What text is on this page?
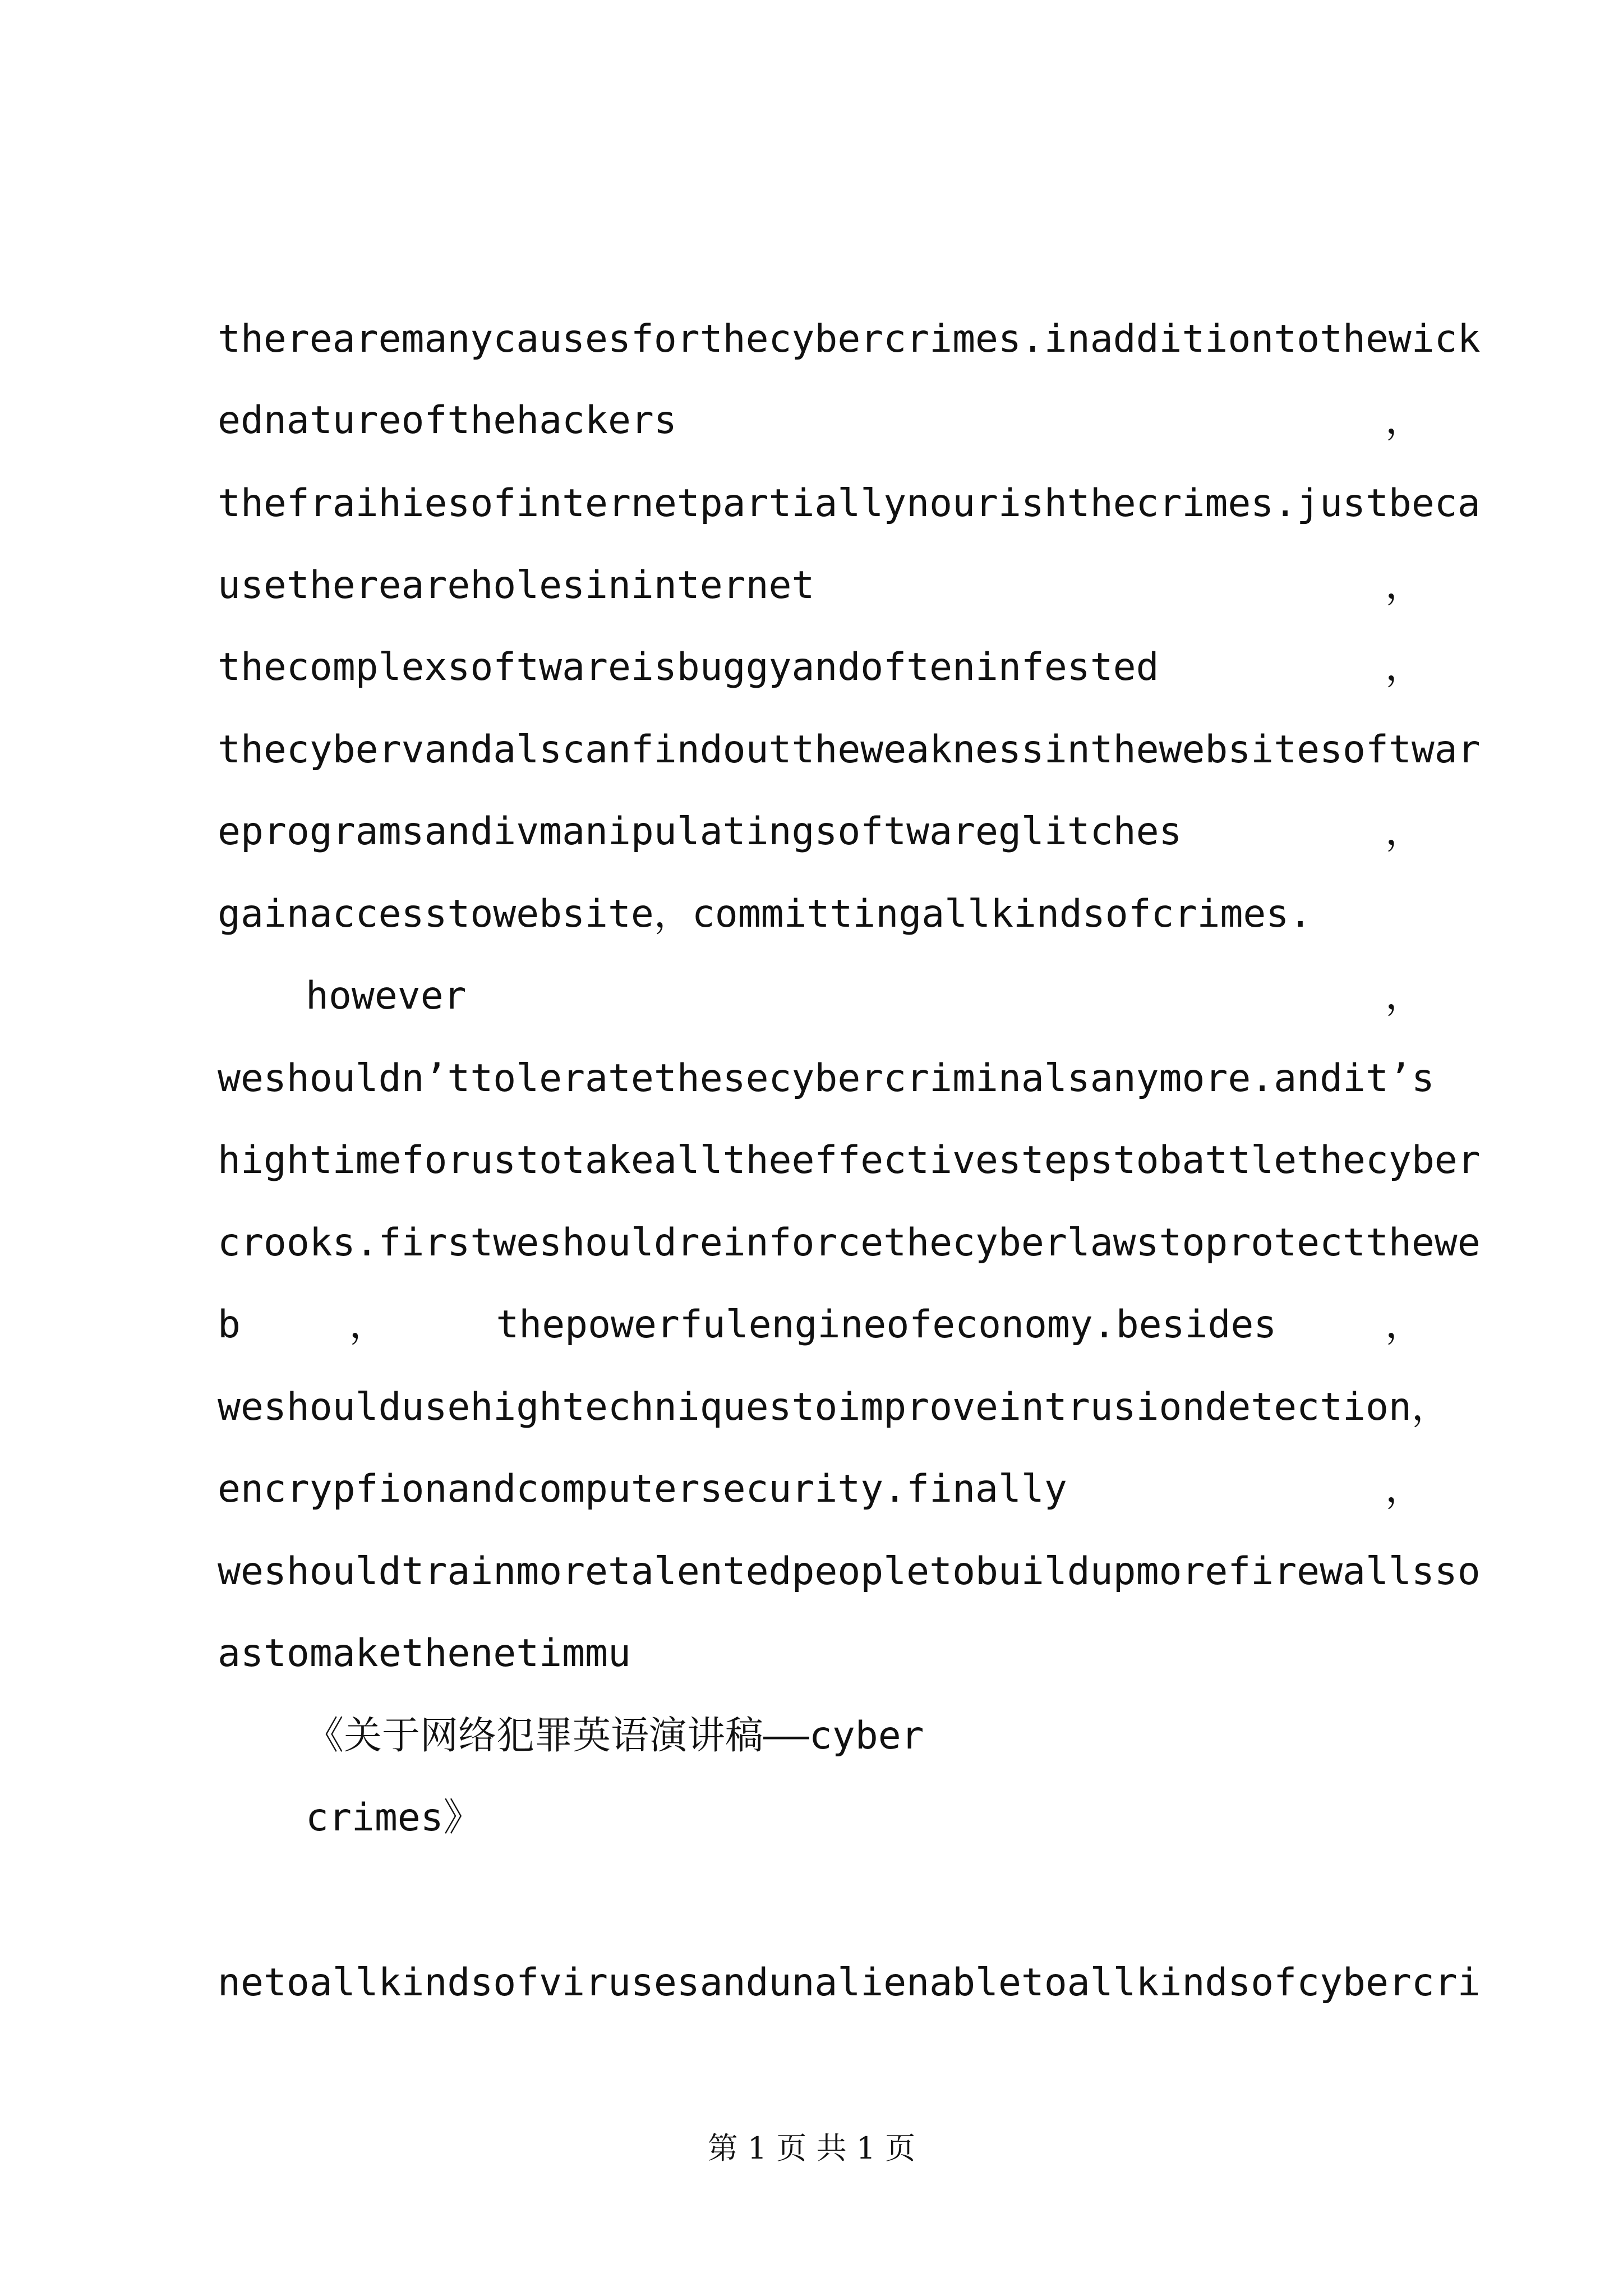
therearemanycausesforthecybercrimes.inadditiontothewick
ednatureofthehackers	，
thefraihiesofinternetpartiallynourishthecrimes.justbeca
usethereareholesininternet	，
thecomplexsoftwareisbuggyandofteninfested	，
thecybervandalscanfindouttheweaknessinthewebsitesoftwar
eprogramsandivmanipulatingsoftwareglitches	，
gainaccesstowebsite，committingallkindsofcrimes.
however	，
weshouldn’ttoleratethesecybercriminalsanymore.andit’s
hightimeforustotakealltheeffectivestepstobattlethecyber
crooks.firstweshouldreinforcethecyberlawstoprotectthewe
b	，	thepowerfulengineofeconomy.besides	，
weshouldusehightechniquestoimproveintrusiondetection ，
encrypfionandcomputersecurity.finally	，
weshouldtrainmoretalentedpeopletobuildupmorefirewallsso
astomakethenetimmu
《关于网络犯罪英语演讲稿——cyber
crimes》
netoallkindsofvirusesandunalienabletoallkindsofcybercri
第 1 页 共 1 页
